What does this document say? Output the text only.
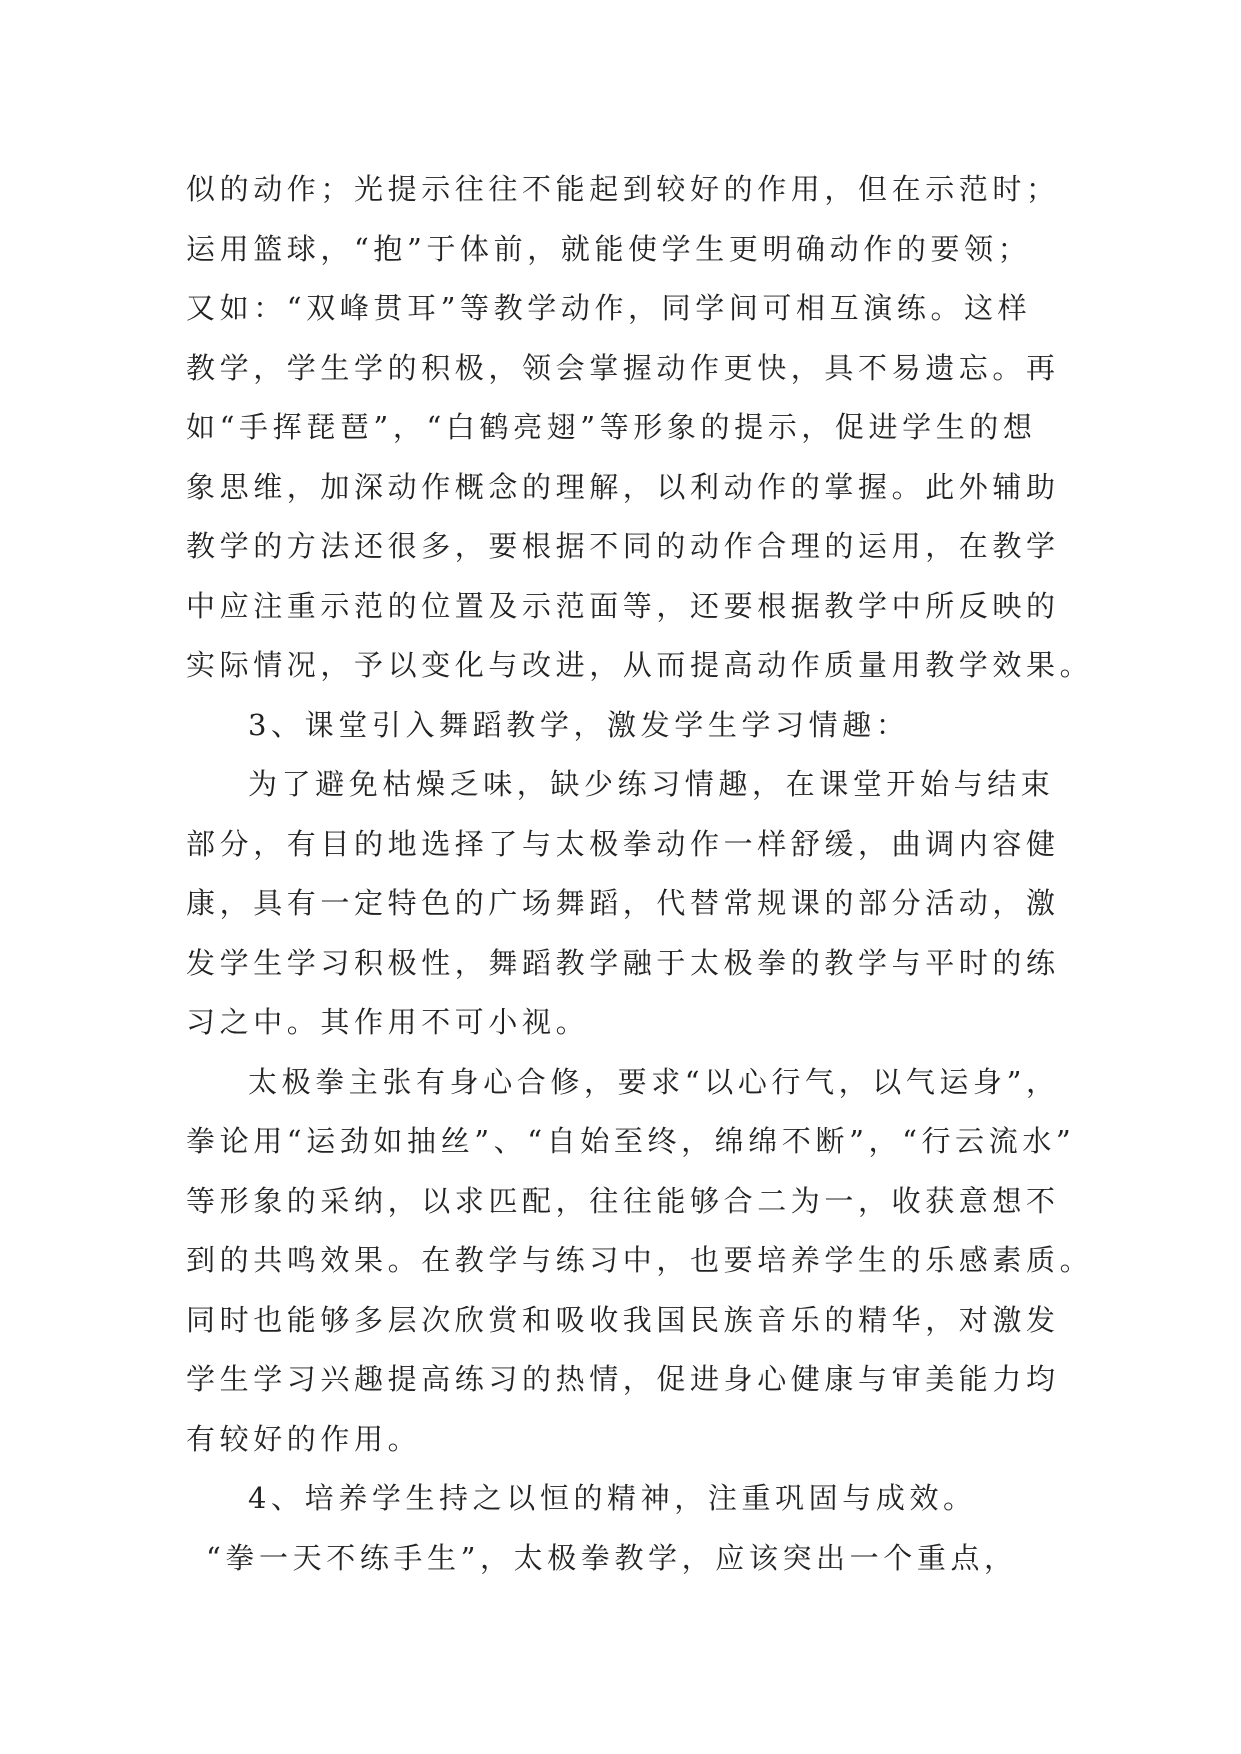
似的动作；光提示往往不能起到较好的作用，但在示范时；
运用篮球，“抱”于体前，就能使学生更明确动作的要领；
又如：“双峰贯耳”等教学动作，同学间可相互演练。这样
教学，学生学的积极，领会掌握动作更快，具不易遗忘。再
如“手挥琵琶”，“白鹤亮翅”等形象的提示，促进学生的想
象思维，加深动作概念的理解，以利动作的掌握。此外辅助
教学的方法还很多，要根据不同的动作合理的运用，在教学
中应注重示范的位置及示范面等，还要根据教学中所反映的
实际情况，予以变化与改进，从而提高动作质量用教学效果。
3、课堂引入舞蹈教学，激发学生学习情趣：
为了避免枯燥乏味，缺少练习情趣，在课堂开始与结束
部分，有目的地选择了与太极拳动作一样舒缓，曲调内容健
康，具有一定特色的广场舞蹈，代替常规课的部分活动，激
发学生学习积极性，舞蹈教学融于太极拳的教学与平时的练
习之中。其作用不可小视。
太极拳主张有身心合修，要求“以心行气，以气运身”，
拳论用“运劲如抽丝”、“自始至终，绵绵不断”，“行云流水”
等形象的采纳，以求匹配，往往能够合二为一，收获意想不
到的共鸣效果。在教学与练习中，也要培养学生的乐感素质。
同时也能够多层次欣赏和吸收我国民族音乐的精华，对激发
学生学习兴趣提高练习的热情，促进身心健康与审美能力均
有较好的作用。
4、培养学生持之以恒的精神，注重巩固与成效。
“拳一天不练手生”，太极拳教学，应该突出一个重点，
